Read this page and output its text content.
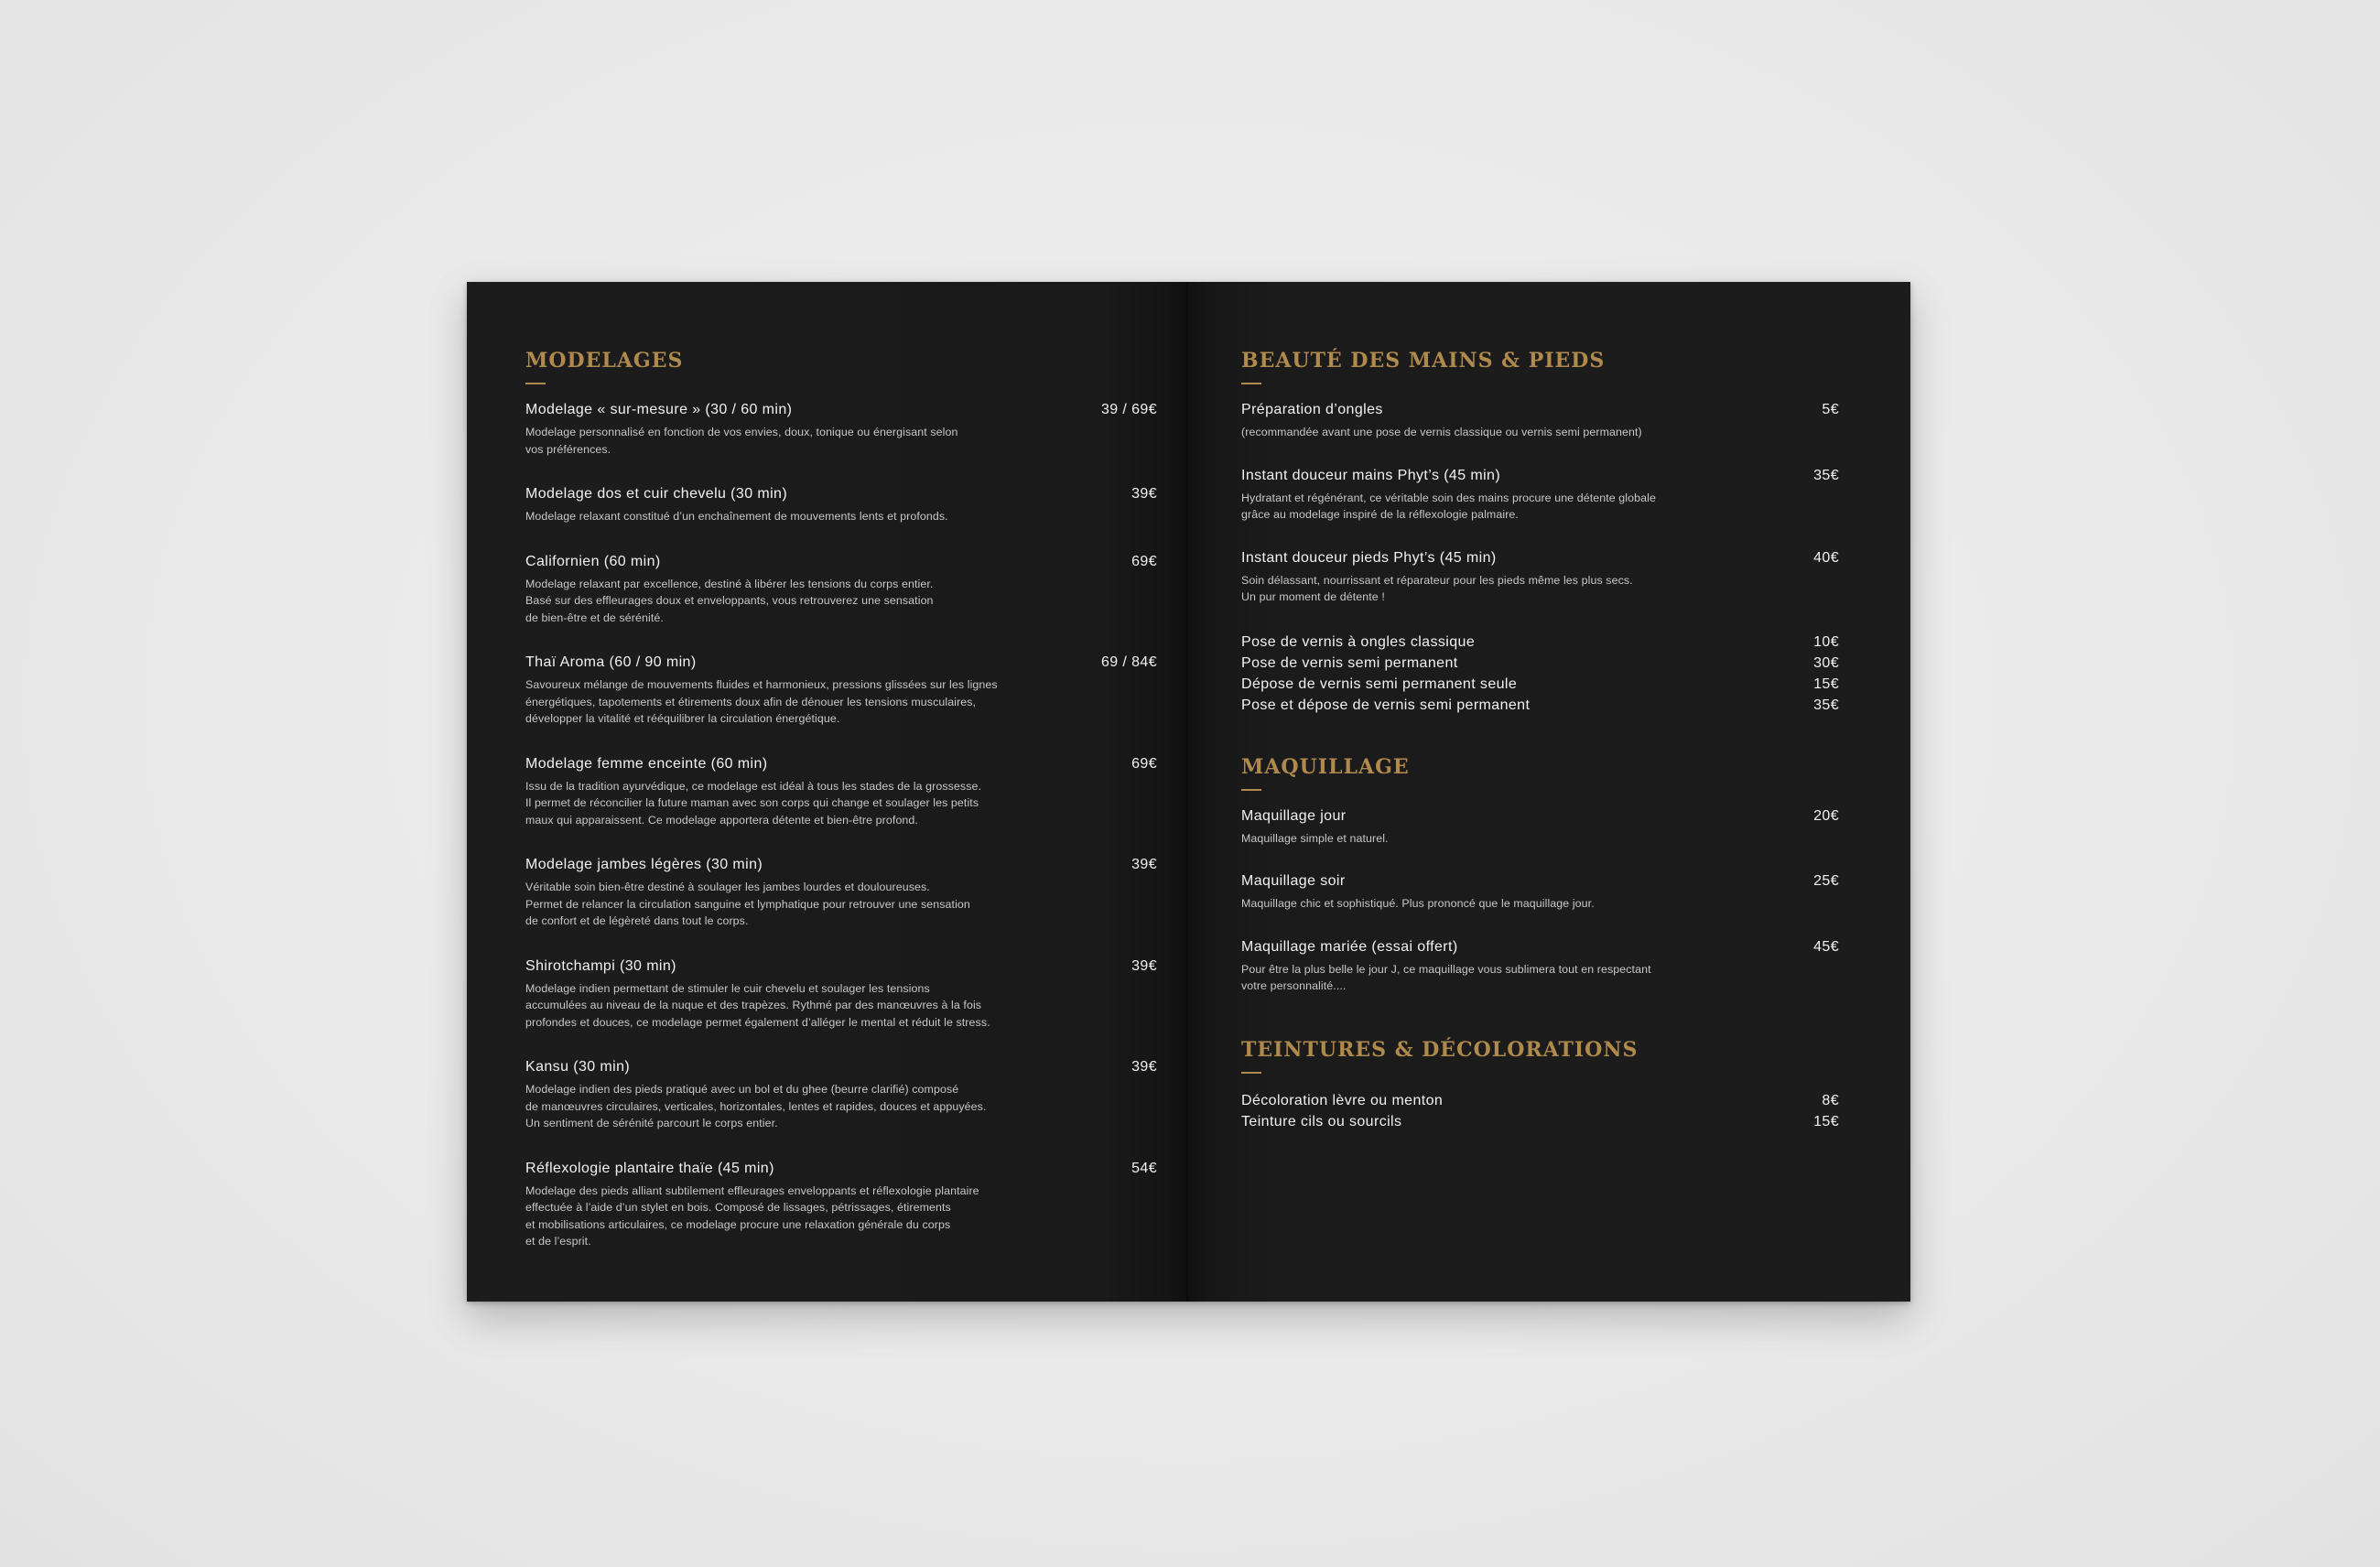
MODELAGES
Modelage « sur-mesure » (30 / 60 min)	39 / 69€
Modelage personnalisé en fonction de vos envies, doux, tonique ou énergisant selon
vos préférences.
Modelage dos et cuir chevelu (30 min)	39€
Modelage relaxant constitué d’un enchaînement de mouvements lents et profonds.
Californien (60 min)	69€
Modelage relaxant par excellence, destiné à libérer les tensions du corps entier.
Basé sur des effleurages doux et enveloppants, vous retrouverez une sensation
de bien-être et de sérénité.
Thaï Aroma (60 / 90 min)	69 / 84€
Savoureux mélange de mouvements fluides et harmonieux, pressions glissées sur les lignes
énergétiques, tapotements et étirements doux afin de dénouer les tensions musculaires,
développer la vitalité et rééquilibrer la circulation énergétique.
Modelage femme enceinte (60 min)	69€
Issu de la tradition ayurvédique, ce modelage est idéal à tous les stades de la grossesse.
Il permet de réconcilier la future maman avec son corps qui change et soulager les petits
maux qui apparaissent. Ce modelage apportera détente et bien-être profond.
Modelage jambes légères (30 min)	39€
Véritable soin bien-être destiné à soulager les jambes lourdes et douloureuses.
Permet de relancer la circulation sanguine et lymphatique pour retrouver une sensation
de confort et de légèreté dans tout le corps.
Shirotchampi (30 min)	39€
Modelage indien permettant de stimuler le cuir chevelu et soulager les tensions
accumulées au niveau de la nuque et des trapèzes. Rythmé par des manœuvres à la fois
profondes et douces, ce modelage permet également d’alléger le mental et réduit le stress.
Kansu (30 min)	39€
Modelage indien des pieds pratiqué avec un bol et du ghee (beurre clarifié) composé
de manœuvres circulaires, verticales, horizontales, lentes et rapides, douces et appuyées.
Un sentiment de sérénité parcourt le corps entier.
Réflexologie plantaire thaïe (45 min)	54€
Modelage des pieds alliant subtilement effleurages enveloppants et réflexologie plantaire
effectuée à l’aide d’un stylet en bois. Composé de lissages, pétrissages, étirements
et mobilisations articulaires, ce modelage procure une relaxation générale du corps
et de l’esprit.
BEAUTÉ DES MAINS & PIEDS
Préparation d’ongles	5€
(recommandée avant une pose de vernis classique ou vernis semi permanent)
Instant douceur mains Phyt’s (45 min)	35€
Hydratant et régénérant, ce véritable soin des mains procure une détente globale
grâce au modelage inspiré de la réflexologie palmaire.
Instant douceur pieds Phyt’s (45 min)	40€
Soin délassant, nourrissant et réparateur pour les pieds même les plus secs.
Un pur moment de détente !
Pose de vernis à ongles classique	10€
Pose de vernis semi permanent	30€
Dépose de vernis semi permanent seule	15€
Pose et dépose de vernis semi permanent	35€
MAQUILLAGE
Maquillage jour	20€
Maquillage simple et naturel.
Maquillage soir	25€
Maquillage chic et sophistiqué. Plus prononcé que le maquillage jour.
Maquillage mariée (essai offert)	45€
Pour être la plus belle le jour J, ce maquillage vous sublimera tout en respectant
votre personnalité....
TEINTURES & DÉCOLORATIONS
Décoloration lèvre ou menton	8€
Teinture cils ou sourcils	15€
